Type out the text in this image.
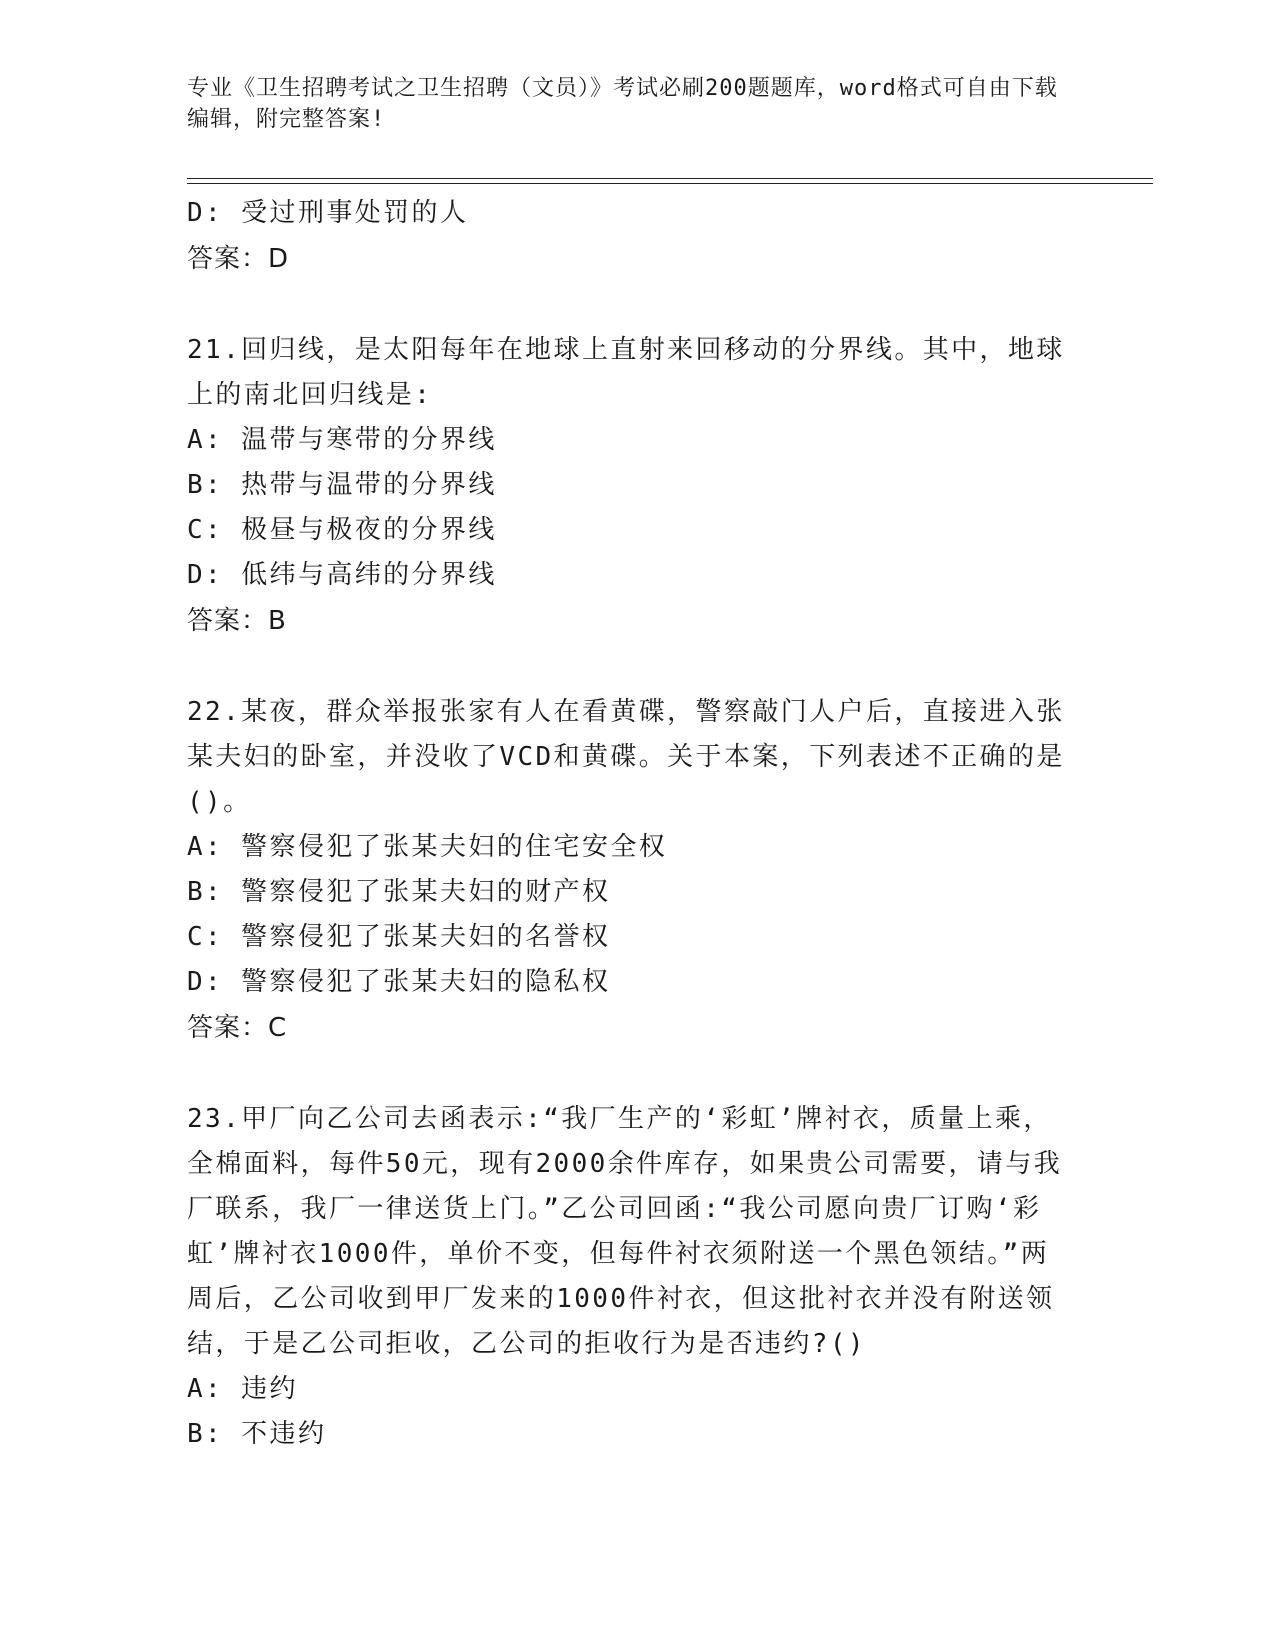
专业《卫生招聘考试之卫生招聘（文员）》考试必刷200题题库，word格式可自由下载编辑，附完整答案!
D: 受过刑事处罚的人
答案：D
21.回归线，是太阳每年在地球上直射来回移动的分界线。其中，地球上的南北回归线是:
A: 温带与寒带的分界线
B: 热带与温带的分界线
C: 极昼与极夜的分界线
D: 低纬与高纬的分界线
答案：B
22.某夜，群众举报张家有人在看黄碟，警察敲门人户后，直接进入张某夫妇的卧室，并没收了VCD和黄碟。关于本案，下列表述不正确的是()。
A: 警察侵犯了张某夫妇的住宅安全权
B: 警察侵犯了张某夫妇的财产权
C: 警察侵犯了张某夫妇的名誉权
D: 警察侵犯了张某夫妇的隐私权
答案：C
23.甲厂向乙公司去函表示:“我厂生产的‘彩虹’牌衬衣，质量上乘，全棉面料，每件50元，现有2000余件库存，如果贵公司需要，请与我厂联系，我厂一律送货上门。”乙公司回函:“我公司愿向贵厂订购‘彩虹’牌衬衣1000件，单价不变，但每件衬衣须附送一个黑色领结。”两周后，乙公司收到甲厂发来的1000件衬衣，但这批衬衣并没有附送领结，于是乙公司拒收，乙公司的拒收行为是否违约?()
A: 违约
B: 不违约
